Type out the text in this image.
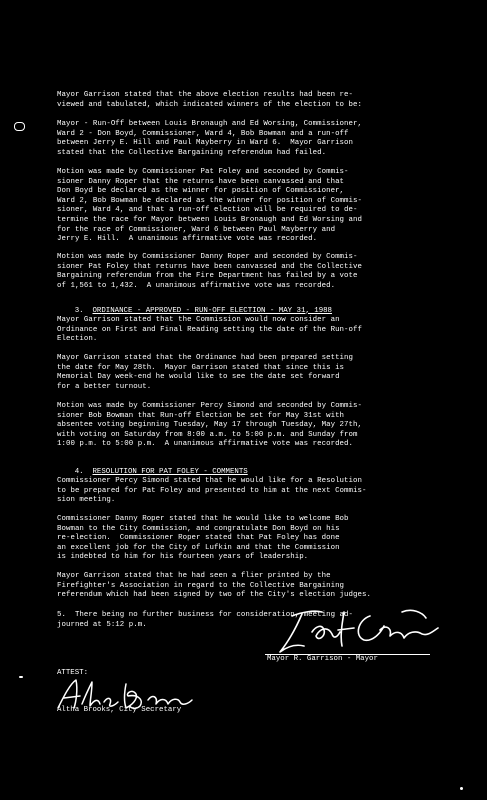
Mayor Garrison stated that the above election results had been re-
viewed and tabulated, which indicated winners of the election to be:
Mayor - Run-Off between Louis Bronaugh and Ed Worsing, Commissioner,
Ward 2 - Don Boyd, Commissioner, Ward 4, Bob Bowman and a run-off
between Jerry E. Hill and Paul Mayberry in Ward 6.  Mayor Garrison
stated that the Collective Bargaining referendum had failed.
Motion was made by Commissioner Pat Foley and seconded by Commis-
sioner Danny Roper that the returns have been canvassed and that
Don Boyd be declared as the winner for position of Commissioner,
Ward 2, Bob Bowman be declared as the winner for position of Commis-
sioner, Ward 4, and that a run-off election will be required to de-
termine the race for Mayor between Louis Bronaugh and Ed Worsing and
for the race of Commissioner, Ward 6 between Paul Mayberry and
Jerry E. Hill.  A unanimous affirmative vote was recorded.
Motion was made by Commissioner Danny Roper and seconded by Commis-
sioner Pat Foley that returns have been canvassed and the Collective
Bargaining referendum from the Fire Department has failed by a vote
of 1,561 to 1,432.  A unanimous affirmative vote was recorded.

3. ORDINANCE - APPROVED - RUN-OFF ELECTION - MAY 31, 1988

Mayor Garrison stated that the Commission would now consider an
Ordinance on First and Final Reading setting the date of the Run-off
Election.
Mayor Garrison stated that the Ordinance had been prepared setting
the date for May 28th.  Mayor Garrison stated that since this is
Memorial Day week-end he would like to see the date set forward
for a better turnout.
Motion was made by Commissioner Percy Simond and seconded by Commis-
sioner Bob Bowman that Run-off Election be set for May 31st with
absentee voting beginning Tuesday, May 17 through Tuesday, May 27th,
with voting on Saturday from 8:00 a.m. to 5:00 p.m. and Sunday from
1:00 p.m. to 5:00 p.m.  A unanimous affirmative vote was recorded.

4. RESOLUTION FOR PAT FOLEY - COMMENTS

Commissioner Percy Simond stated that he would like for a Resolution
to be prepared for Pat Foley and presented to him at the next Commis-
sion meeting.
Commissioner Danny Roper stated that he would like to welcome Bob
Bowman to the City Commission, and congratulate Don Boyd on his
re-election.  Commissioner Roper stated that Pat Foley has done
an excellent job for the City of Lufkin and that the Commission
is indebted to him for his fourteen years of leadership.
Mayor Garrison stated that he had seen a flier printed by the
Firefighter's Association in regard to the Collective Bargaining
referendum which had been signed by two of the City's election judges.
5.  There being no further business for consideration, meeting ad-
journed at 5:12 p.m.
Mayor R. Garrison - Mayor
ATTEST:
Altha Brooks, City Secretary
